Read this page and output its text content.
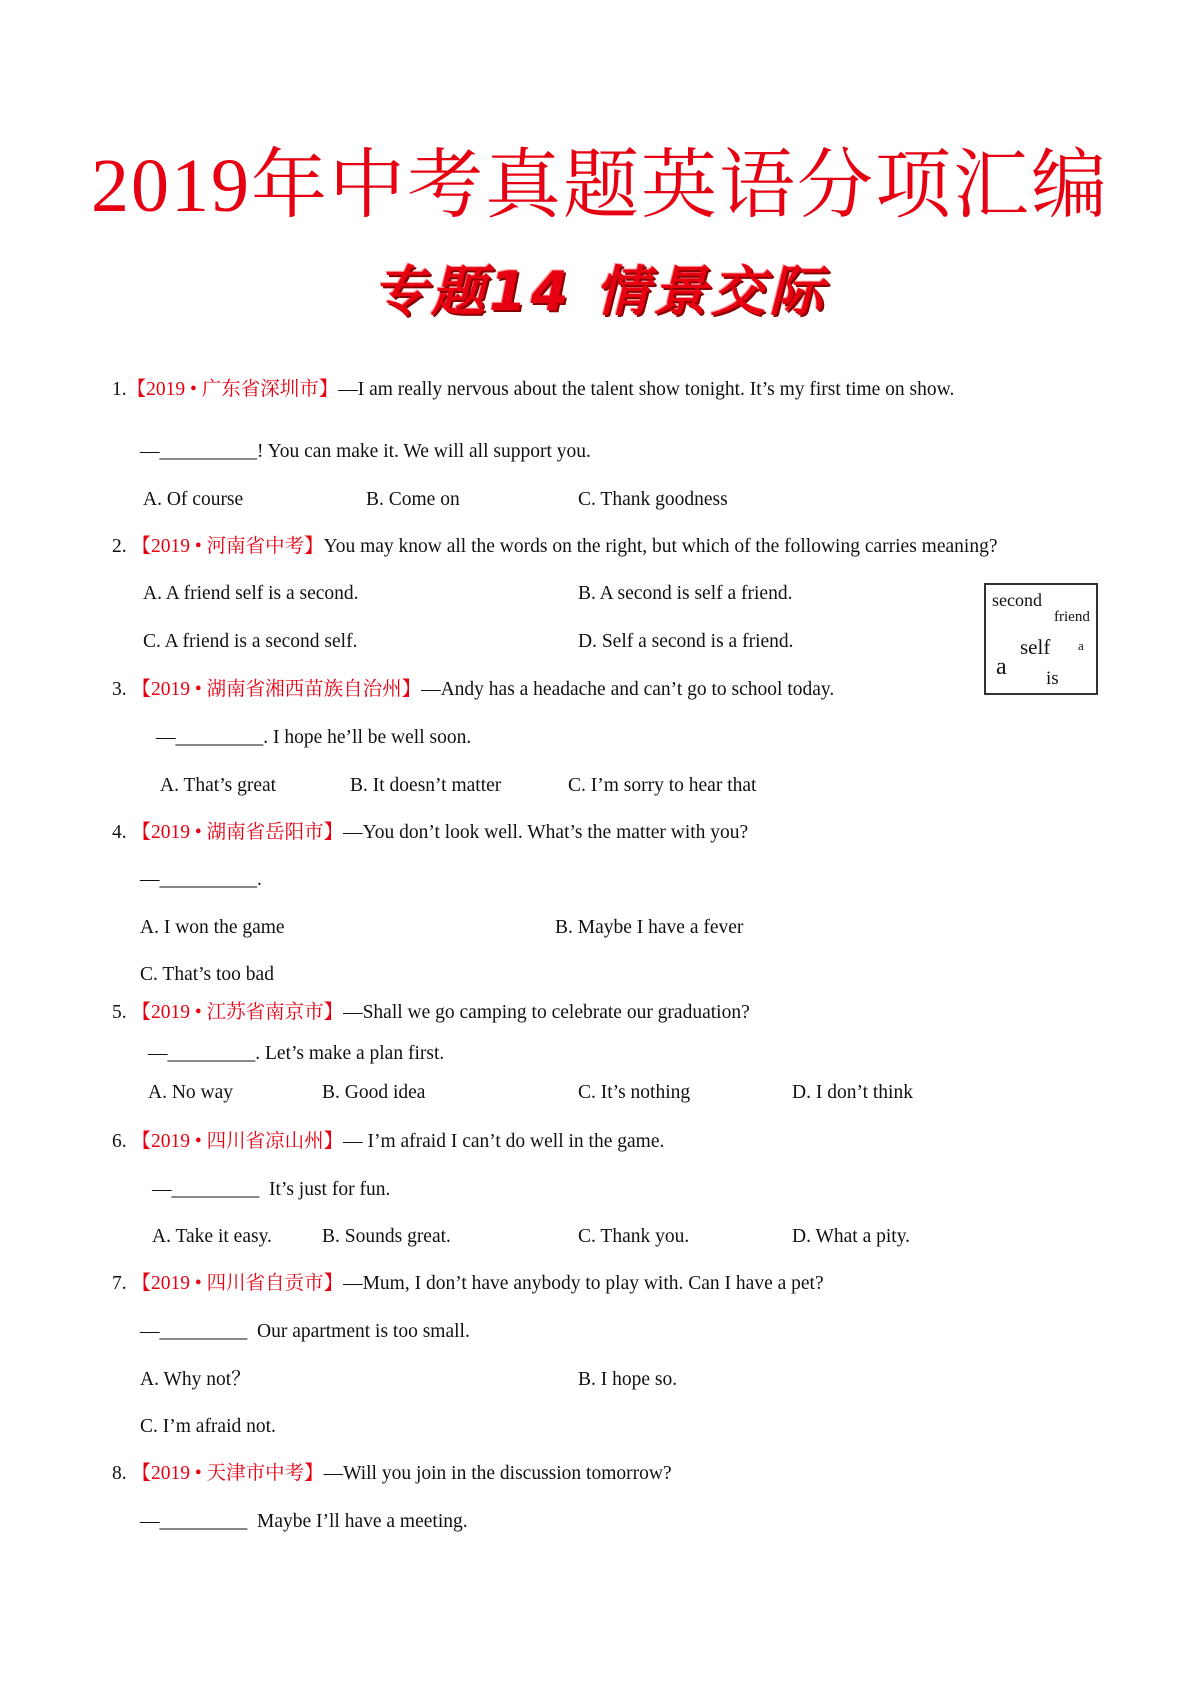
2019年中考真题英语分项汇编
专题14 情景交际
1.【2019 • 广东省深圳市】—I am really nervous about the talent show tonight. It’s my first time on show.
—__________! You can make it. We will all support you.
A. Of course	B. Come on	C. Thank goodness
2. 【2019 • 河南省中考】You may know all the words on the right, but which of the following carries meaning?
A. A friend self is a second.	B. A second is self a friend.
C. A friend is a second self.	D. Self a second is a friend.
second
friend
self a
a is
3. 【2019 • 湖南省湘西苗族自治州】—Andy has a headache and can’t go to school today.
—_________. I hope he’ll be well soon.
A. That’s great	B. It doesn’t matter	C. I’m sorry to hear that
4. 【2019 • 湖南省岳阳市】—You don’t look well. What’s the matter with you?
—__________.
A. I won the game	B. Maybe I have a fever
C. That’s too bad
5. 【2019 • 江苏省南京市】—Shall we go camping to celebrate our graduation?
—_________. Let’s make a plan first.
A. No way	B. Good idea	C. It’s nothing	D. I don’t think
6. 【2019 • 四川省凉山州】— I’m afraid I can’t do well in the game.
—_________  It’s just for fun.
A. Take it easy.	B. Sounds great.	C. Thank you.	D. What a pity.
7. 【2019 • 四川省自贡市】—Mum, I don’t have anybody to play with. Can I have a pet?
—_________  Our apartment is too small.
A. Why not？	B. I hope so.
C. I’m afraid not.
8. 【2019 • 天津市中考】—Will you join in the discussion tomorrow?
—_________  Maybe I’ll have a meeting.
